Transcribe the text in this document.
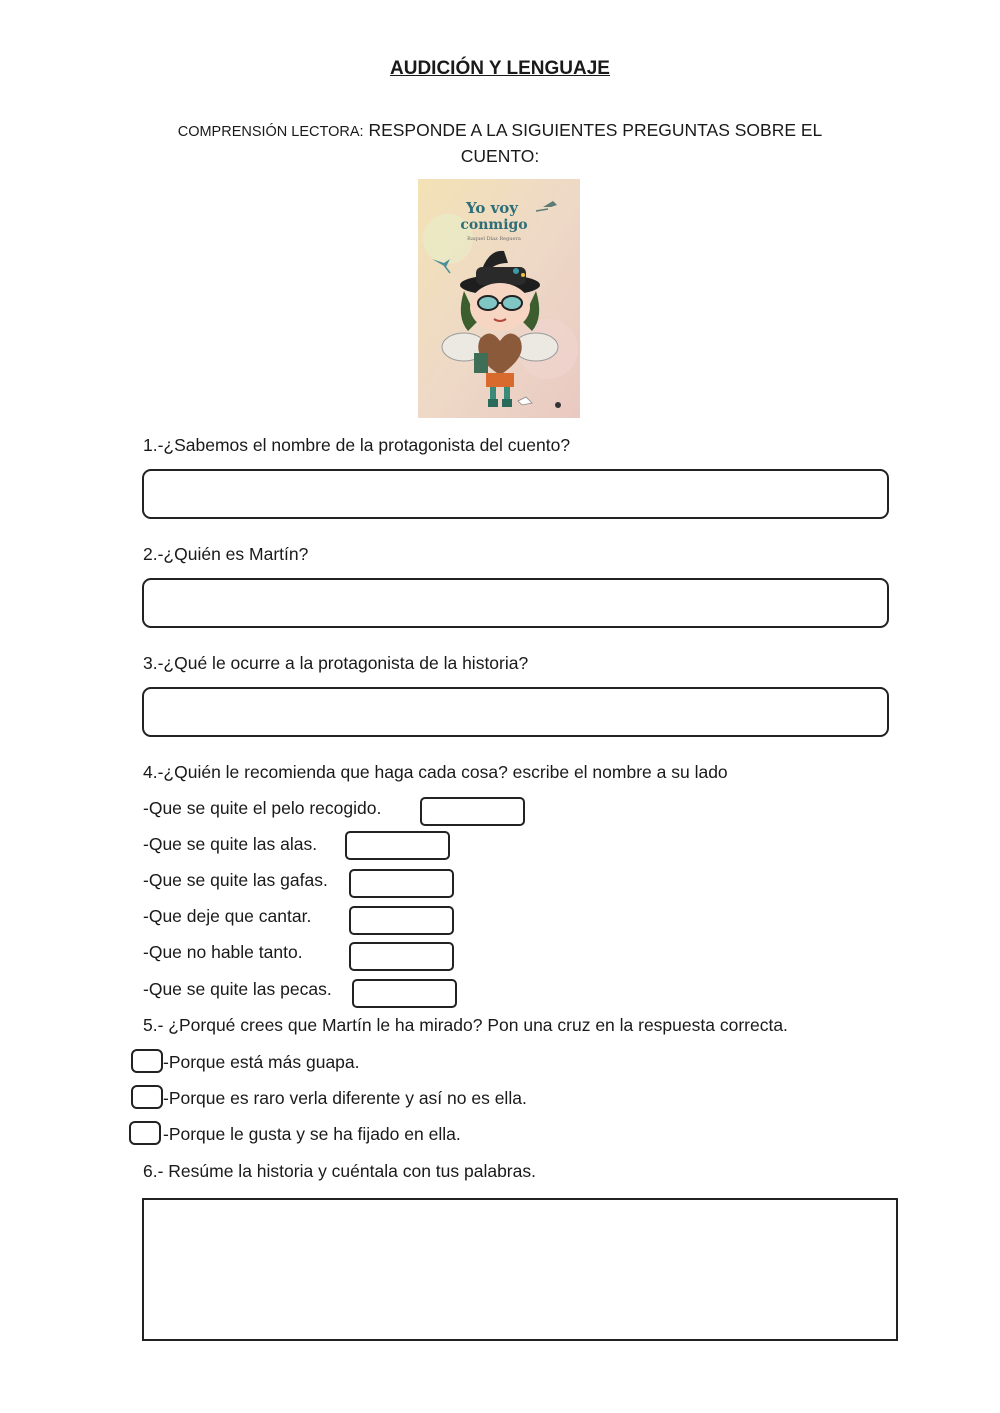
AUDICIÓN Y LENGUAJE
COMPRENSIÓN LECTORA: RESPONDE A LA SIGUIENTES PREGUNTAS SOBRE EL CUENTO:
Yo voy
conmigo
Raquel Díaz Reguera
1.-¿Sabemos el nombre de la protagonista del cuento?
2.-¿Quién es Martín?
3.-¿Qué le ocurre a la protagonista de la historia?
4.-¿Quién le recomienda que haga cada cosa? escribe el nombre a su lado
-Que se quite el pelo recogido.
-Que se quite las alas.
-Que se quite las gafas.
-Que deje que cantar.
-Que no hable tanto.
-Que se quite las pecas.
5.- ¿Porqué crees que Martín le ha mirado? Pon una cruz en la respuesta correcta.
-Porque está más guapa.
-Porque es raro verla diferente y así no es ella.
-Porque le gusta y se ha fijado en ella.
6.- Resúme la historia y cuéntala con tus palabras.
